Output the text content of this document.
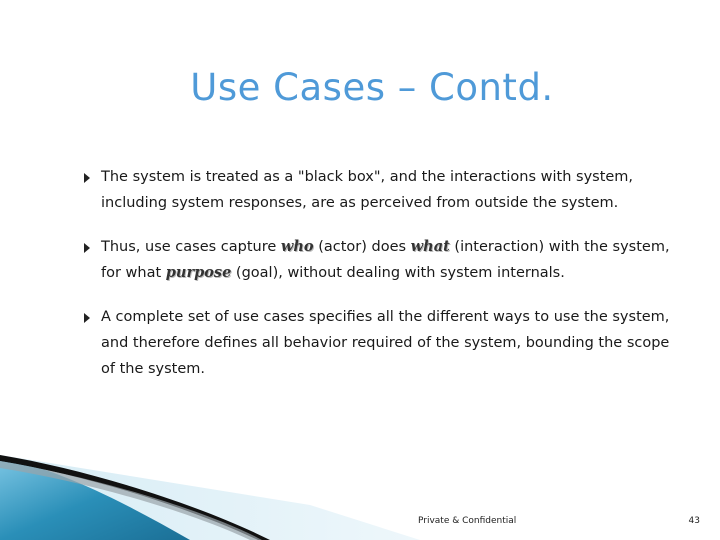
Use Cases – Contd.
The system is treated as a "black box", and the interactions with system, including system responses, are as perceived from outside the system.
Thus, use cases capture who (actor) does what (interaction) with the system, for what purpose (goal), without dealing with system internals.
A complete set of use cases specifies all the different ways to use the system, and therefore defines all behavior required of the system, bounding the scope of the system.
Private & Confidential	43
